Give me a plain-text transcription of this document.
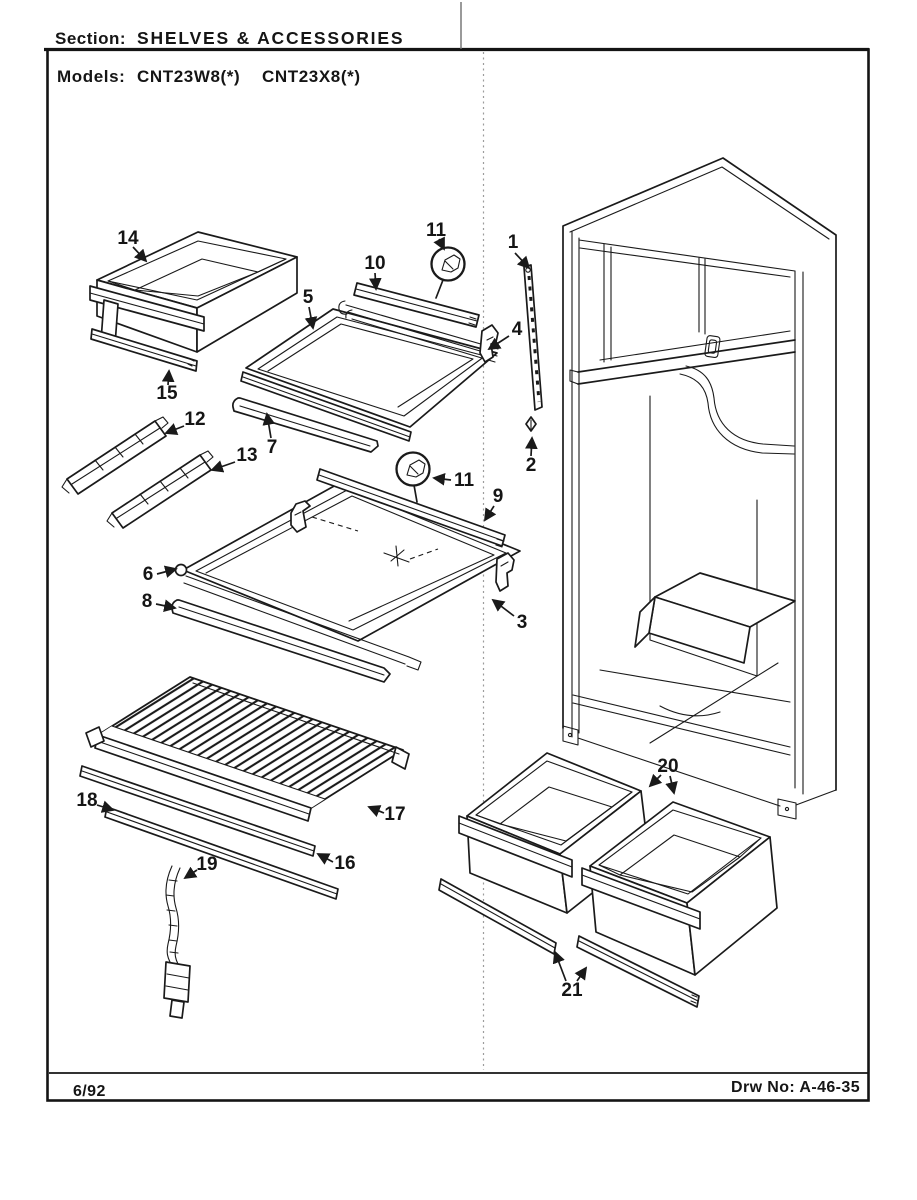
Section: SHELVES & ACCESSORIES
Models: CNT23W8(*) CNT23X8(*)
1
2
3
4
5
6
7
8
9
10
11
11
12
13
14
15
16
17
18
19
20
21
6/92	Drw No: A-46-35
